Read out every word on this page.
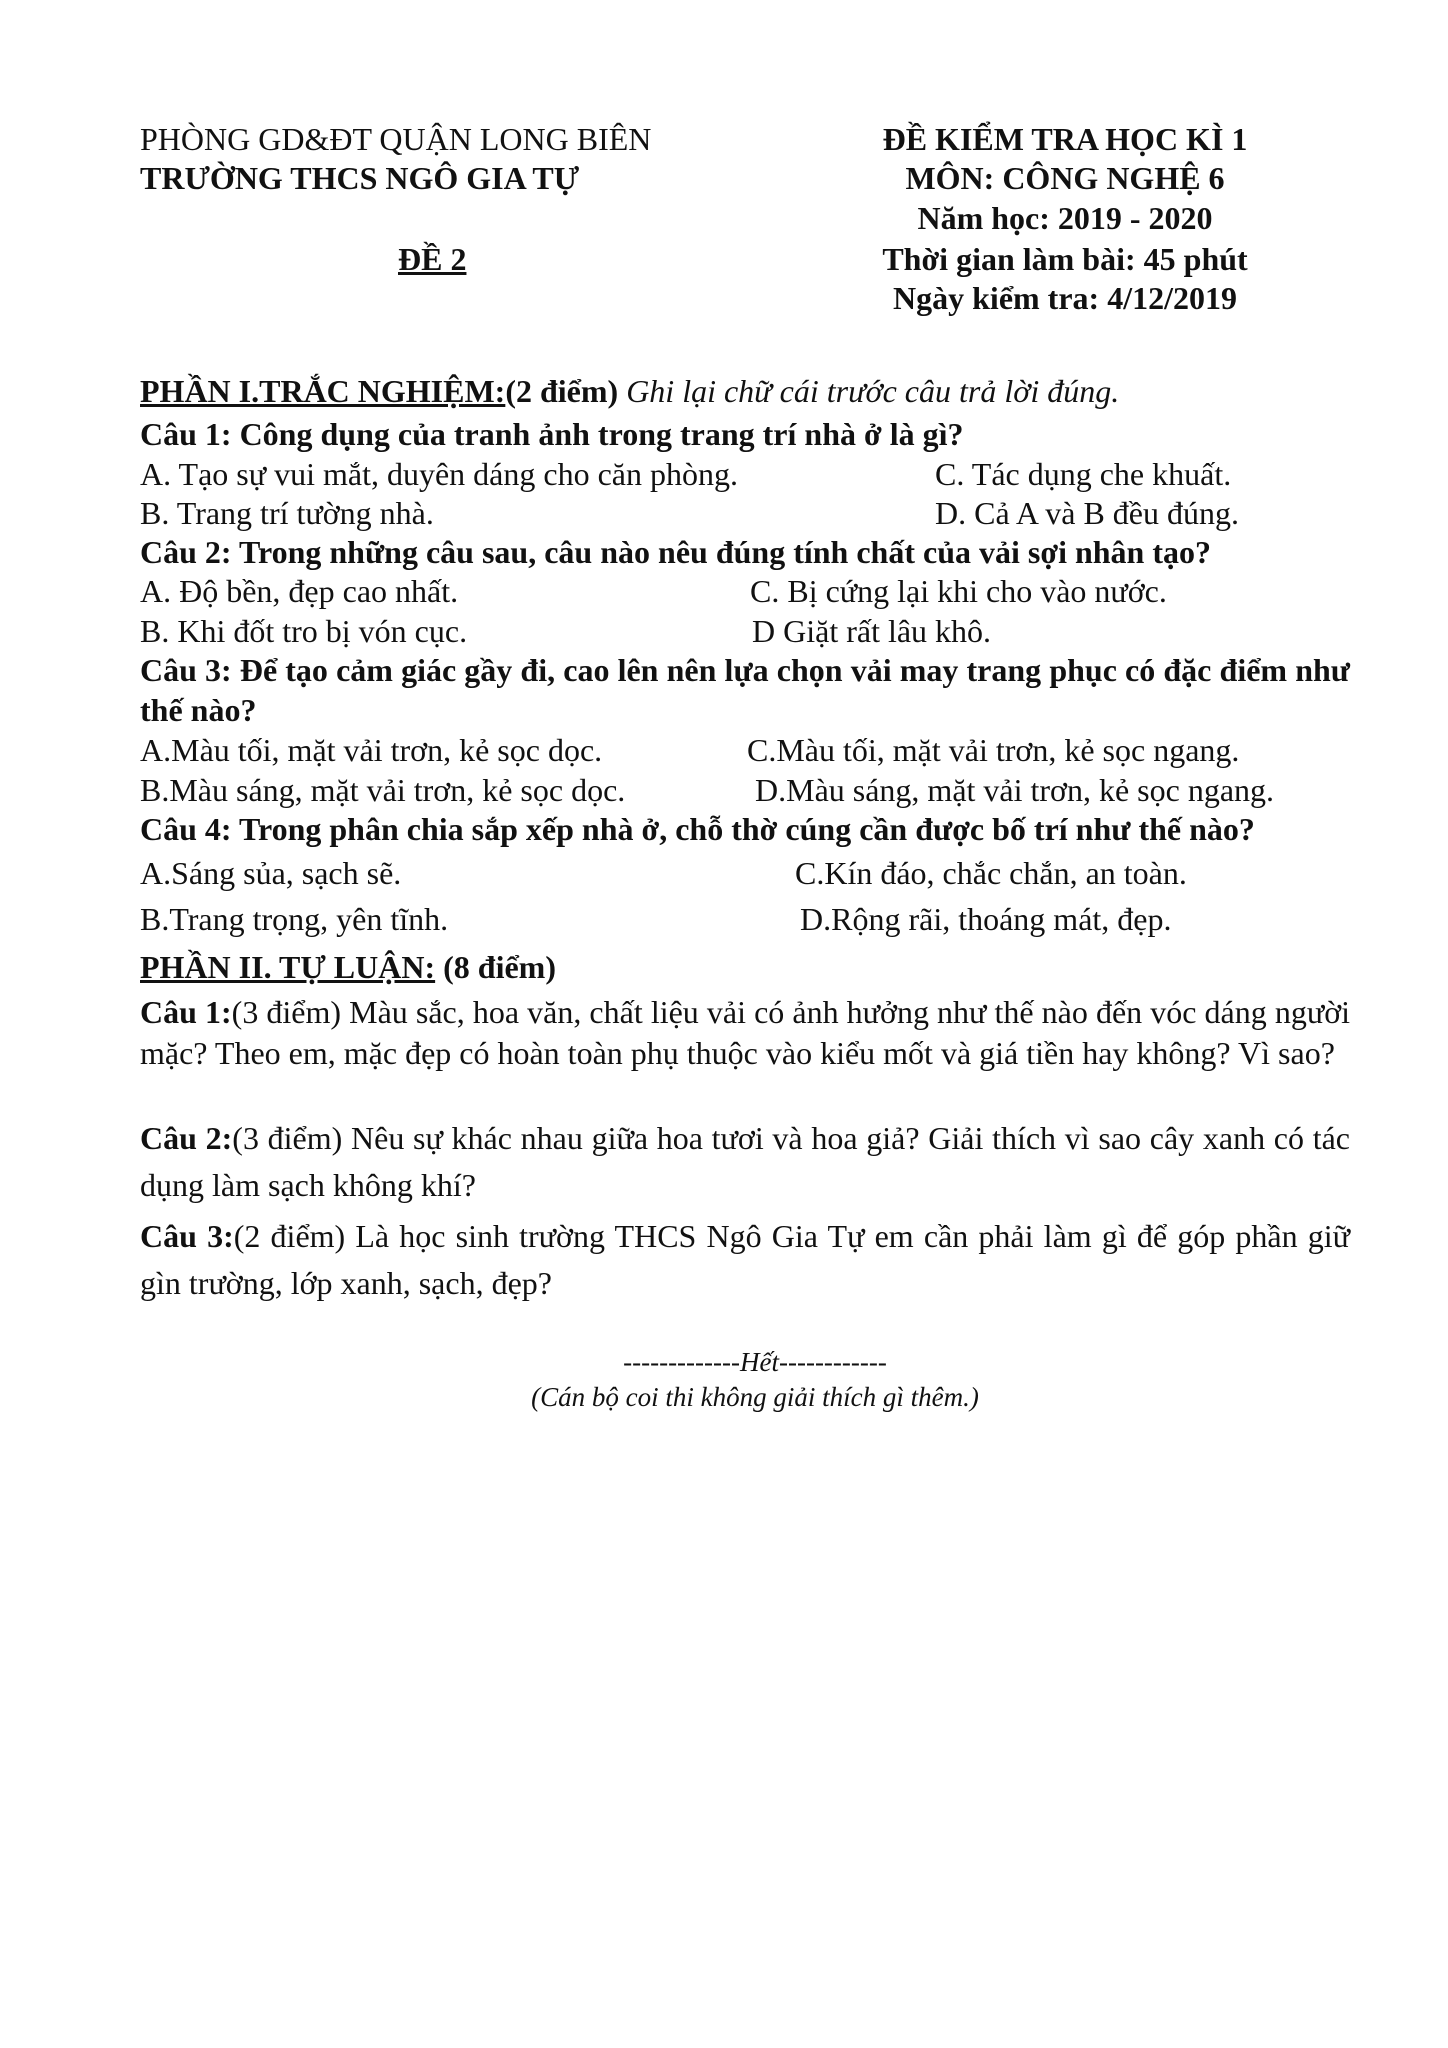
PHÒNG GD&ĐT QUẬN LONG BIÊN
TRƯỜNG THCS NGÔ GIA TỰ
ĐỀ 2
ĐỀ KIỂM TRA HỌC KÌ 1
MÔN: CÔNG NGHỆ 6
Năm học: 2019 - 2020
Thời gian làm bài: 45 phút
Ngày kiểm tra: 4/12/2019
PHẦN I.TRẮC NGHIỆM:(2 điểm) Ghi lại chữ cái trước câu trả lời đúng.
Câu 1: Công dụng của tranh ảnh trong trang trí nhà ở là gì?
A. Tạo sự vui mắt, duyên dáng cho căn phòng.	C. Tác dụng che khuất.
B. Trang trí tường nhà.	D. Cả A và B đều đúng.
Câu 2: Trong những câu sau, câu nào nêu đúng tính chất của vải sợi nhân tạo?
A. Độ bền, đẹp cao nhất.	C. Bị cứng lại khi cho vào nước.
B. Khi đốt tro bị vón cục.	D Giặt rất lâu khô.
Câu 3: Để tạo cảm giác gầy đi, cao lên nên lựa chọn vải may trang phục có đặc điểm như thế nào?
A.Màu tối, mặt vải trơn, kẻ sọc dọc.	C.Màu tối, mặt vải trơn, kẻ sọc ngang.
B.Màu sáng, mặt vải trơn, kẻ sọc dọc.	D.Màu sáng, mặt vải trơn, kẻ sọc ngang.
Câu 4: Trong phân chia sắp xếp nhà ở, chỗ thờ cúng cần được bố trí như thế nào?
A.Sáng sủa, sạch sẽ.	C.Kín đáo, chắc chắn, an toàn.
B.Trang trọng, yên tĩnh.	D.Rộng rãi, thoáng mát, đẹp.
PHẦN II. TỰ LUẬN: (8 điểm)
Câu 1:(3 điểm) Màu sắc, hoa văn, chất liệu vải có ảnh hưởng như thế nào đến vóc dáng người mặc? Theo em, mặc đẹp có hoàn toàn phụ thuộc vào kiểu mốt và giá tiền hay không? Vì sao?
Câu 2:(3 điểm) Nêu sự khác nhau giữa hoa tươi và hoa giả? Giải thích vì sao cây xanh có tác dụng làm sạch không khí?
Câu 3:(2 điểm) Là học sinh trường THCS Ngô Gia Tự em cần phải làm gì để góp phần giữ gìn trường, lớp xanh, sạch, đẹp?
-------------Hết------------
(Cán bộ coi thi không giải thích gì thêm.)
